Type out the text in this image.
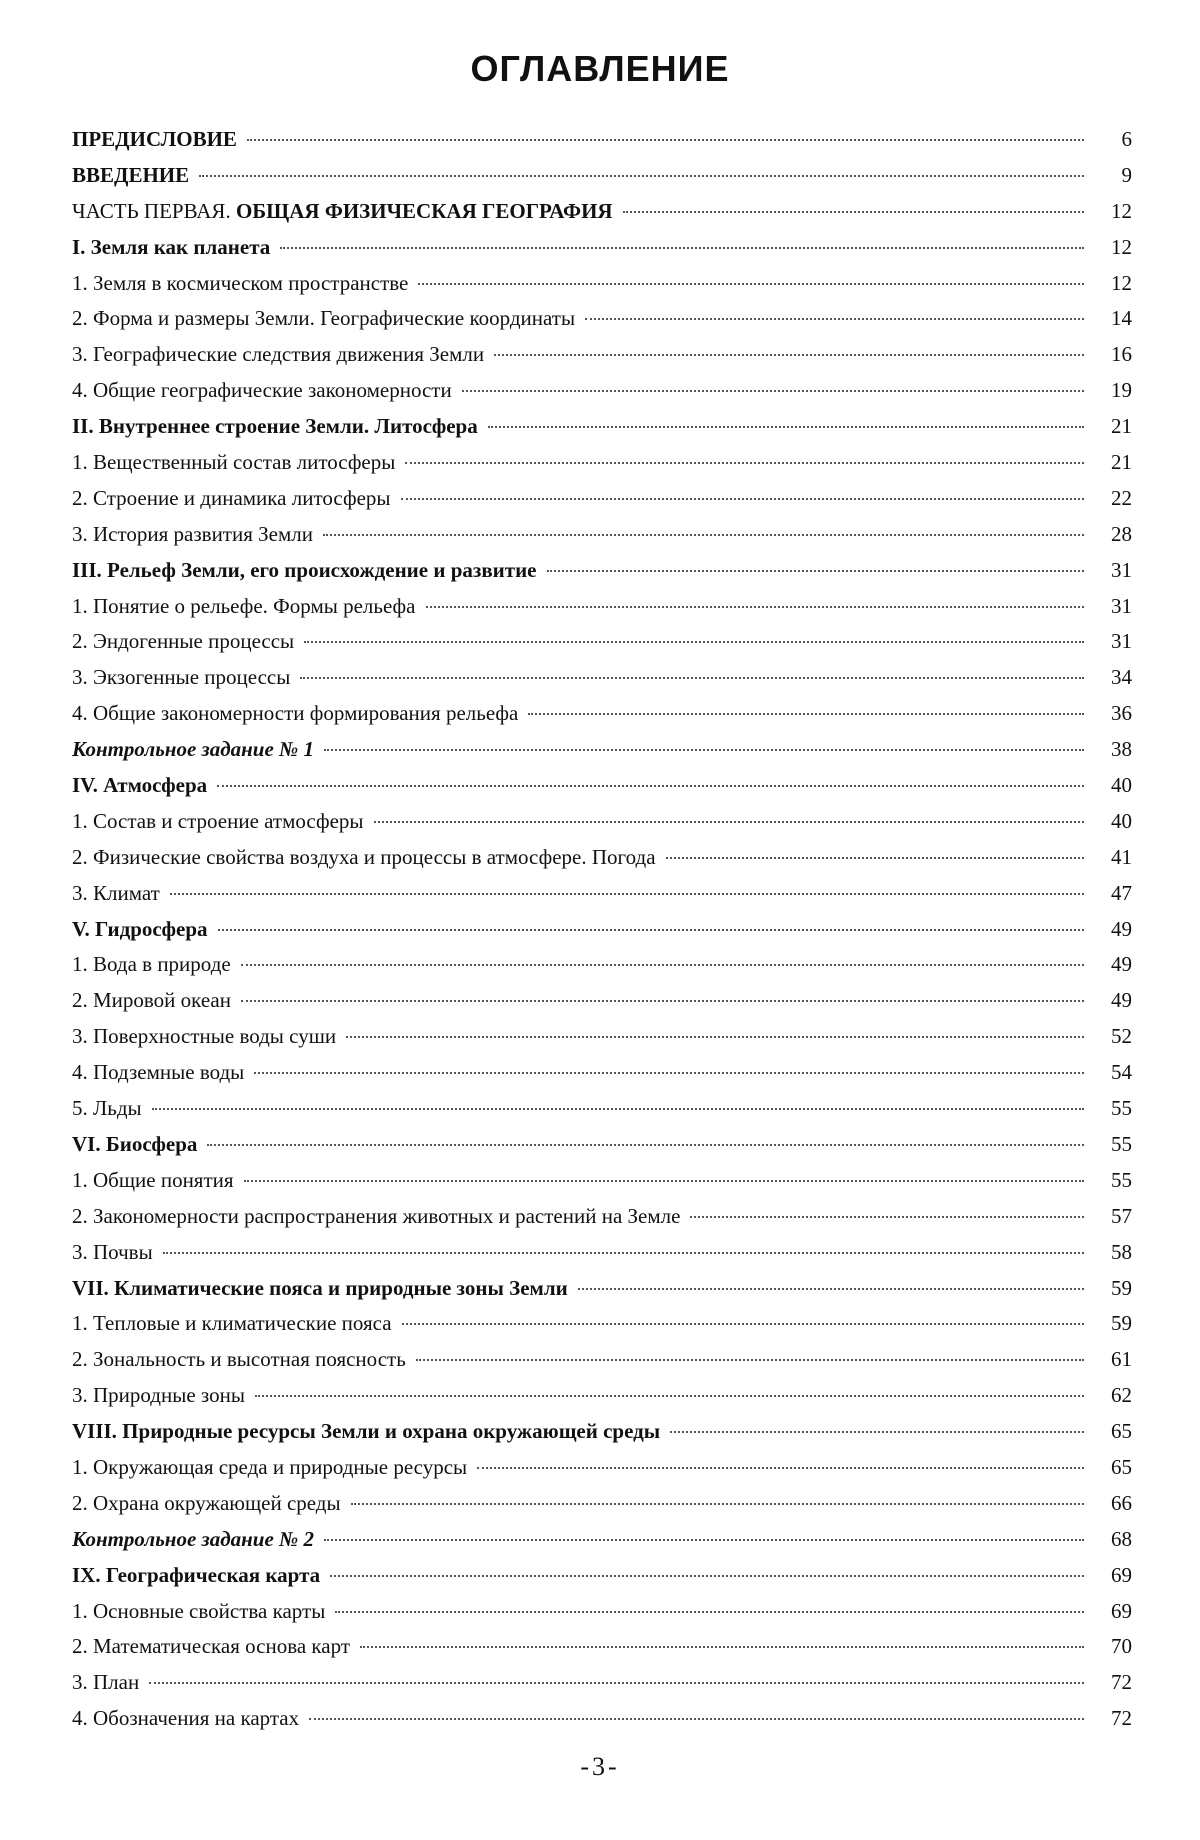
ОГЛАВЛЕНИЕ
ПРЕДИСЛОВИЕ	6
ВВЕДЕНИЕ	9
ЧАСТЬ ПЕРВАЯ. ОБЩАЯ ФИЗИЧЕСКАЯ ГЕОГРАФИЯ	12
I. Земля как планета	12
1. Земля в космическом пространстве	12
2. Форма и размеры Земли. Географические координаты	14
3. Географические следствия движения Земли	16
4. Общие географические закономерности	19
II. Внутреннее строение Земли. Литосфера	21
1. Вещественный состав литосферы	21
2. Строение и динамика литосферы	22
3. История развития Земли	28
III. Рельеф Земли, его происхождение и развитие	31
1. Понятие о рельефе. Формы рельефа	31
2. Эндогенные процессы	31
3. Экзогенные процессы	34
4. Общие закономерности формирования рельефа	36
Контрольное задание № 1	38
IV. Атмосфера	40
1. Состав и строение атмосферы	40
2. Физические свойства воздуха и процессы в атмосфере. Погода	41
3. Климат	47
V. Гидросфера	49
1. Вода в природе	49
2. Мировой океан	49
3. Поверхностные воды суши	52
4. Подземные воды	54
5. Льды	55
VI. Биосфера	55
1. Общие понятия	55
2. Закономерности распространения животных и растений на Земле	57
3. Почвы	58
VII. Климатические пояса и природные зоны Земли	59
1. Тепловые и климатические пояса	59
2. Зональность и высотная поясность	61
3. Природные зоны	62
VIII. Природные ресурсы Земли и охрана окружающей среды	65
1. Окружающая среда и природные ресурсы	65
2. Охрана окружающей среды	66
Контрольное задание № 2	68
IX. Географическая карта	69
1. Основные свойства карты	69
2. Математическая основа карт	70
3. План	72
4. Обозначения на картах	72
-3-
